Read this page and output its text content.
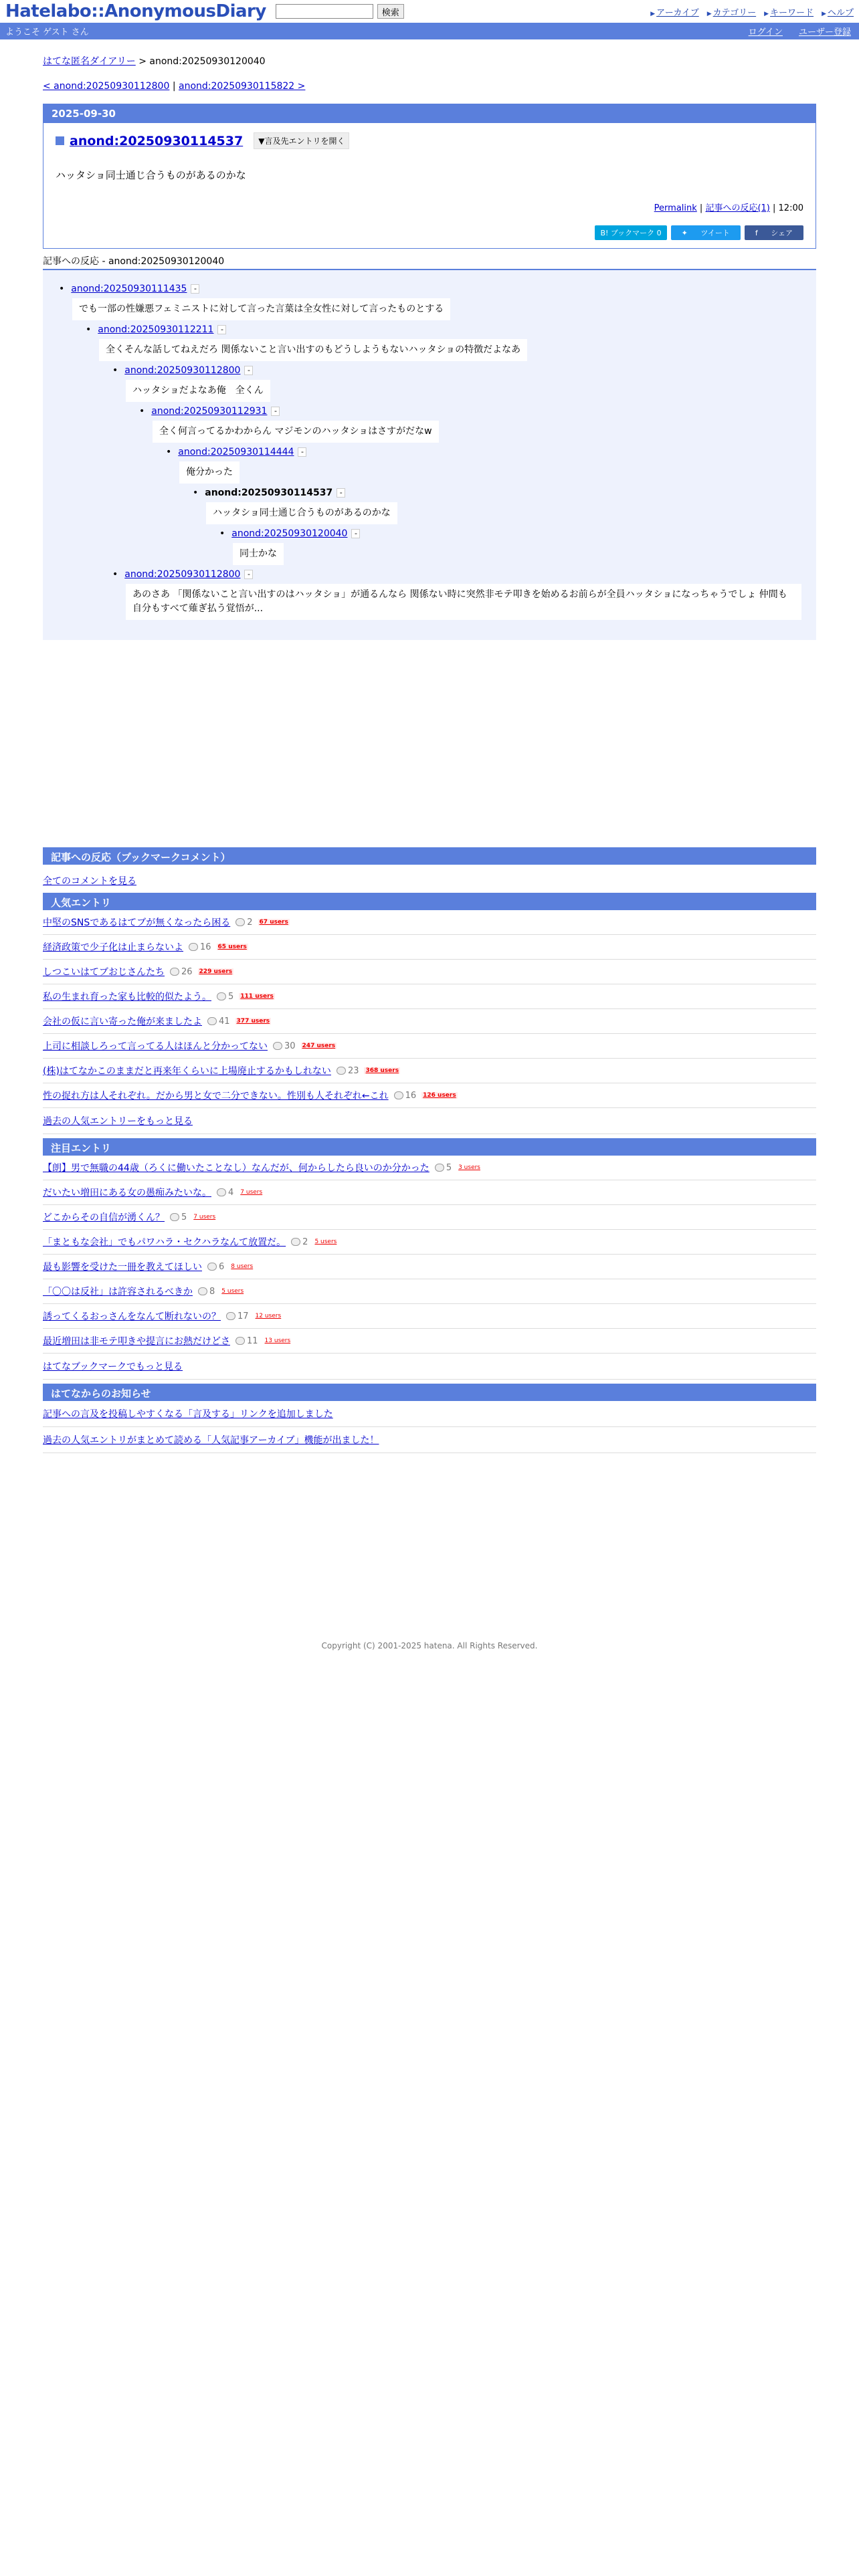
Hatelabo::AnonymousDiary	検索	▶ アーカイブ	▶ カテゴリー	▶ キーワード	▶ ヘルプ
ようこそ ゲスト さん	ログイン ユーザー登録
はてな匿名ダイアリー > anond:20250930120040
< anond:20250930112800 | anond:20250930115822 >
2025-09-30
anond:20250930114537	▼言及先エントリを開く
ハッタショ同士通じ合うものがあるのかな
Permalink | 記事への反応(1) | 12:00
B! ブックマーク 0	✦ ツイート	f シェア
記事への反応 - anond:20250930120040
• anond:20250930111435 -
でも一部の性嫌悪フェミニストに対して言った言葉は全女性に対して言ったものとする
• anond:20250930112211 -
全くそんな話してねえだろ 関係ないこと言い出すのもどうしようもないハッタショの特徴だよなあ
• anond:20250930112800 -
ハッタショだよなあ俺　全くん
• anond:20250930112931 -
全く何言ってるかわからん マジモンのハッタショはさすがだなw
• anond:20250930114444 -
俺分かった
• anond:20250930114537 -
ハッタショ同士通じ合うものがあるのかな
• anond:20250930120040 -
同士かな
• anond:20250930112800 -
あのさあ 「関係ないこと言い出すのはハッタショ」が通るんなら 関係ない時に突然非モテ叩きを始めるお前らが全員ハッタショになっちゃうでしょ 仲間も自分もすべて薙ぎ払う覚悟が...
記事への反応（ブックマークコメント）
全てのコメントを見る
人気エントリ
中堅のSNSであるはてブが無くなったら困る 2 67 users
経済政策で少子化は止まらないよ 16 65 users
しつこいはてブおじさんたち 26 229 users
私の生まれ育った家も比較的似たよう。 5 111 users
会社の仮に言い寄った俺が来ましたよ 41 377 users
上司に相談しろって言ってる人はほんと分かってない 30 247 users
(株)はてなかこのままだと再来年くらいに上場廃止するかもしれない 23 368 users
性の捉れ方は人それぞれ。だから男と女で二分できない。性別も人それぞれ←これ 16 126 users
過去の人気エントリーをもっと見る
注目エントリ
【朗】男で無職の44歳（ろくに働いたことなし）なんだが、何からしたら良いのか分かった 5 3 users
だいたい増田にある女の愚痴みたいな。 4 7 users
どこからその自信が湧くん？ 5 7 users
「まともな会社」でもパワハラ・セクハラなんて放置だ。 2 5 users
最も影響を受けた一冊を教えてほしい 6 8 users
「〇〇は反社」は許容されるべきか 8 5 users
誘ってくるおっさんをなんて断れないの？ 17 12 users
最近増田は非モテ叩きや提言にお熱だけどさ 11 13 users
はてなブックマークでもっと見る
はてなからのお知らせ
記事への言及を投稿しやすくなる「言及する」リンクを追加しました
過去の人気エントリがまとめて読める「人気記事アーカイブ」機能が出ました！
Copyright (C) 2001-2025 hatena. All Rights Reserved.
